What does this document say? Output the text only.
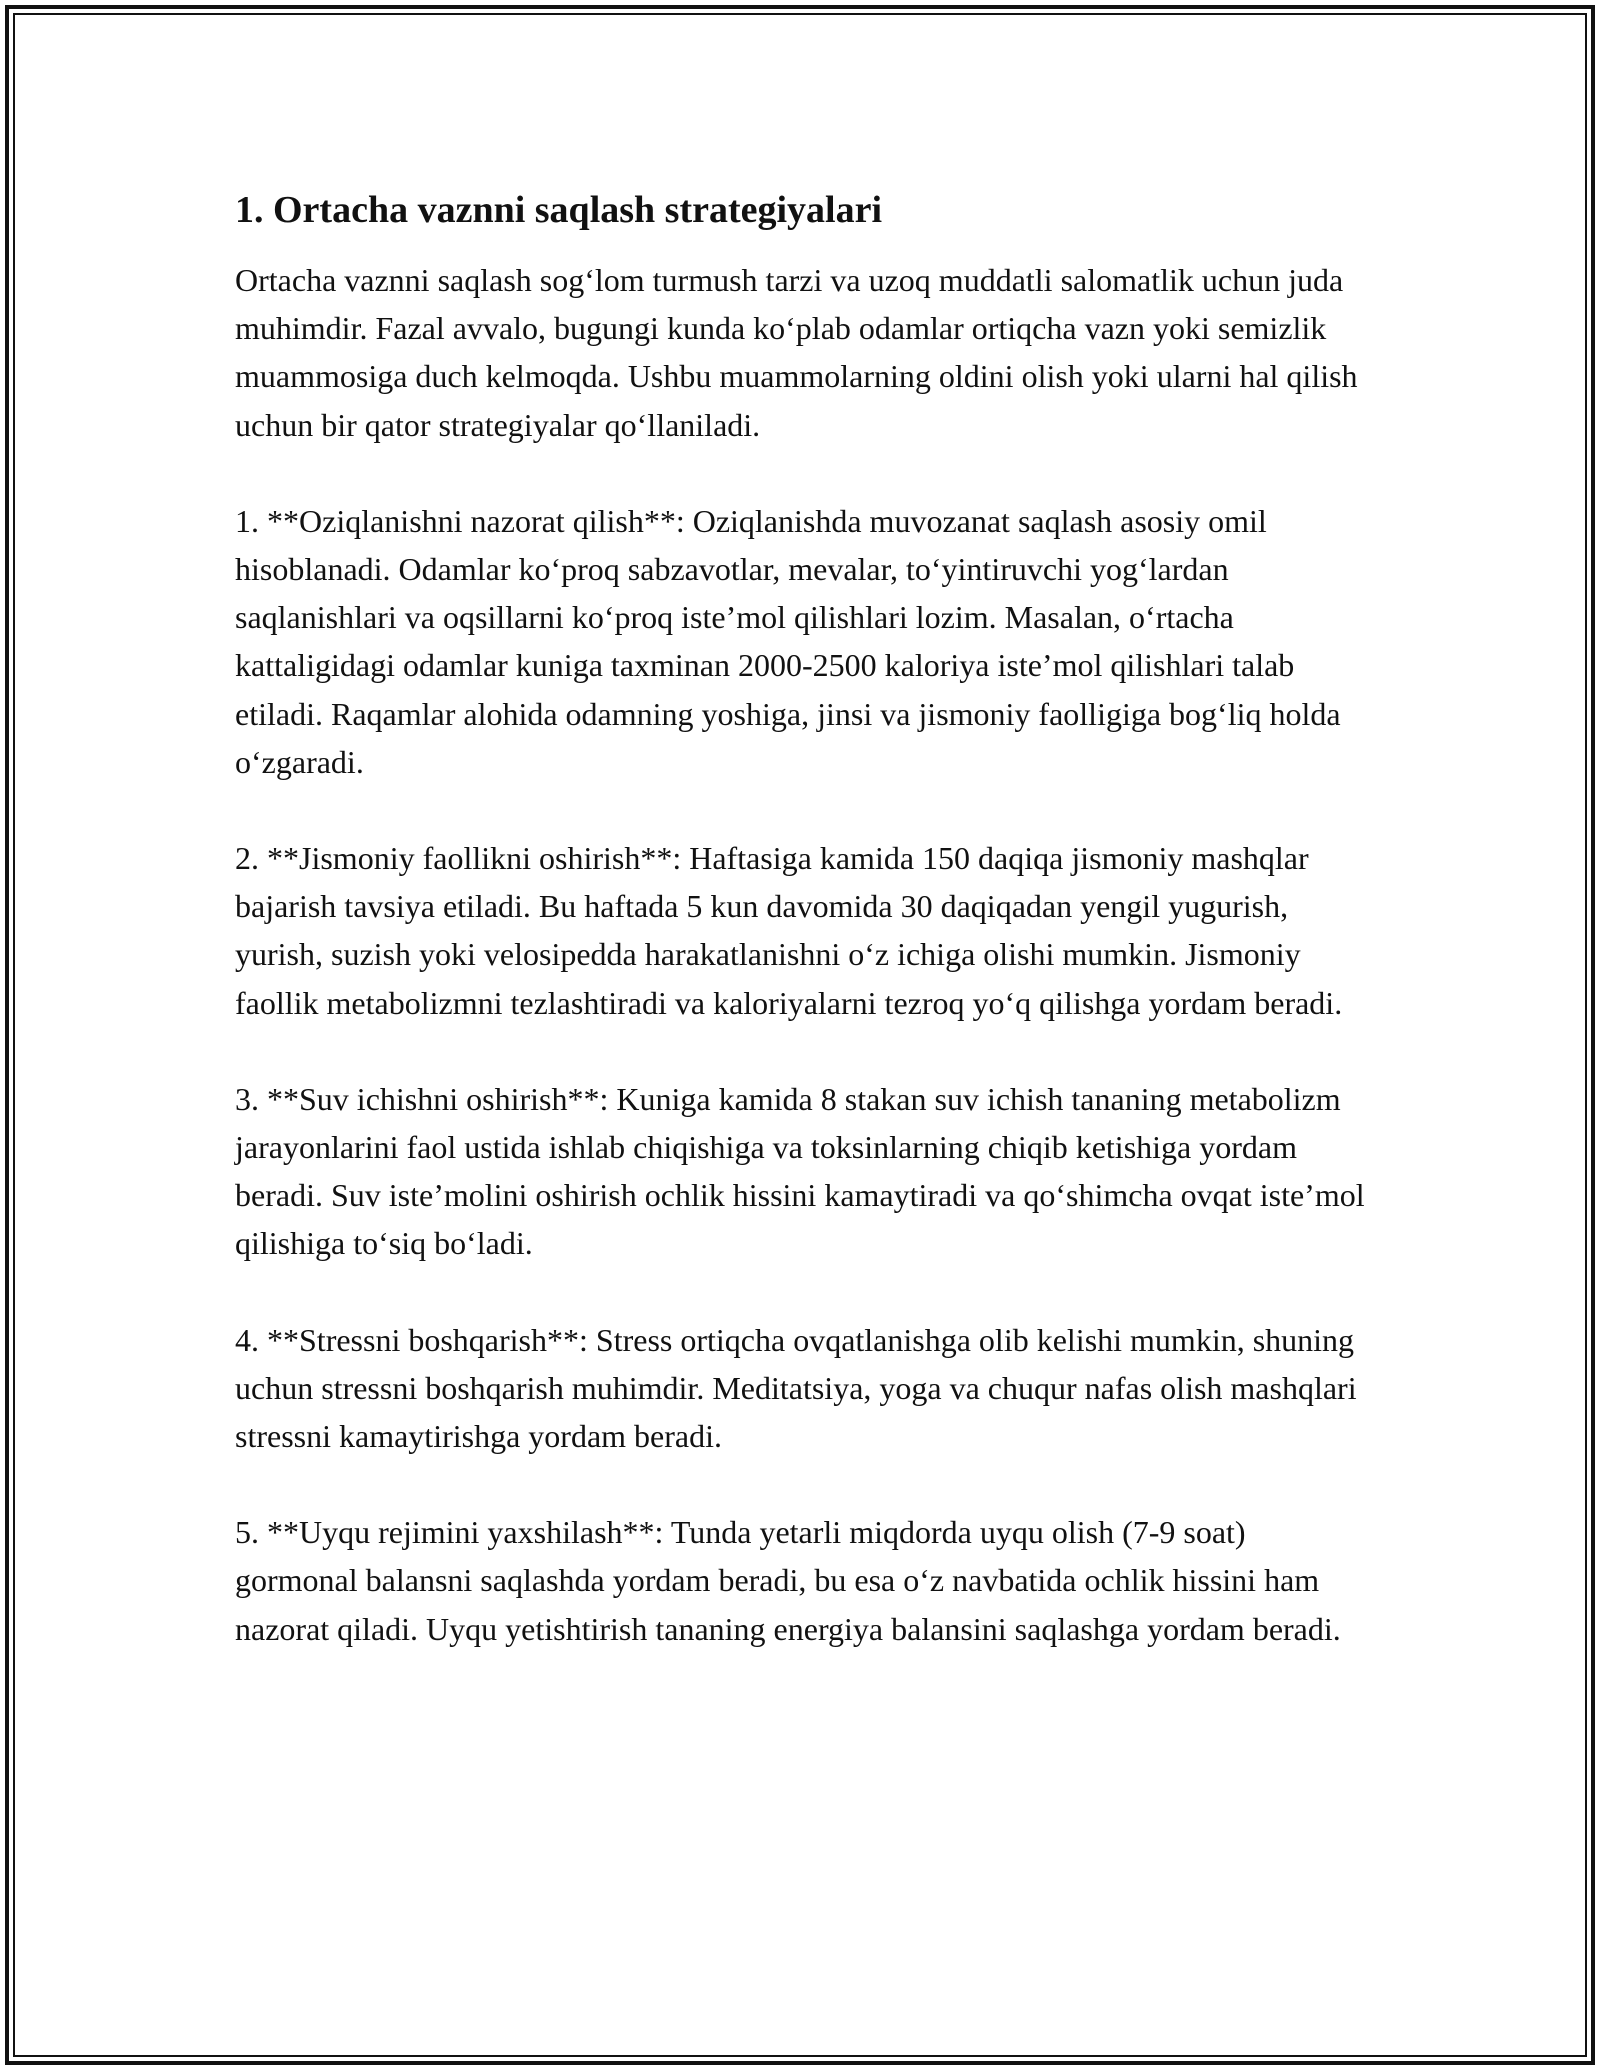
1. Ortacha vaznni saqlash strategiyalari

Ortacha vaznni saqlash sog‘lom turmush tarzi va uzoq muddatli salomatlik uchun juda muhimdir. Fazal avvalo, bugungi kunda ko‘plab odamlar ortiqcha vazn yoki semizlik muammosiga duch kelmoqda. Ushbu muammolarning oldini olish yoki ularni hal qilish uchun bir qator strategiyalar qo‘llaniladi.

1. **Oziqlanishni nazorat qilish**: Oziqlanishda muvozanat saqlash asosiy omil hisoblanadi. Odamlar ko‘proq sabzavotlar, mevalar, to‘yintiruvchi yog‘lardan saqlanishlari va oqsillarni ko‘proq iste’mol qilishlari lozim. Masalan, o‘rtacha kattaligidagi odamlar kuniga taxminan 2000-2500 kaloriya iste’mol qilishlari talab etiladi. Raqamlar alohida odamning yoshiga, jinsi va jismoniy faolligiga bog‘liq holda o‘zgaradi.

2. **Jismoniy faollikni oshirish**: Haftasiga kamida 150 daqiqa jismoniy mashqlar bajarish tavsiya etiladi. Bu haftada 5 kun davomida 30 daqiqadan yengil yugurish, yurish, suzish yoki velosipedda harakatlanishni o‘z ichiga olishi mumkin. Jismoniy faollik metabolizmni tezlashtiradi va kaloriyalarni tezroq yo‘q qilishga yordam beradi.

3. **Suv ichishni oshirish**: Kuniga kamida 8 stakan suv ichish tananing metabolizm jarayonlarini faol ustida ishlab chiqishiga va toksinlarning chiqib ketishiga yordam beradi. Suv iste’molini oshirish ochlik hissini kamaytiradi va qo‘shimcha ovqat iste’mol qilishiga to‘siq bo‘ladi.

4. **Stressni boshqarish**: Stress ortiqcha ovqatlanishga olib kelishi mumkin, shuning uchun stressni boshqarish muhimdir. Meditatsiya, yoga va chuqur nafas olish mashqlari stressni kamaytirishga yordam beradi.

5. **Uyqu rejimini yaxshilash**: Tunda yetarli miqdorda uyqu olish (7-9 soat) gormonal balansni saqlashda yordam beradi, bu esa o‘z navbatida ochlik hissini ham nazorat qiladi. Uyqu yetishtirish tananing energiya balansini saqlashga yordam beradi.
